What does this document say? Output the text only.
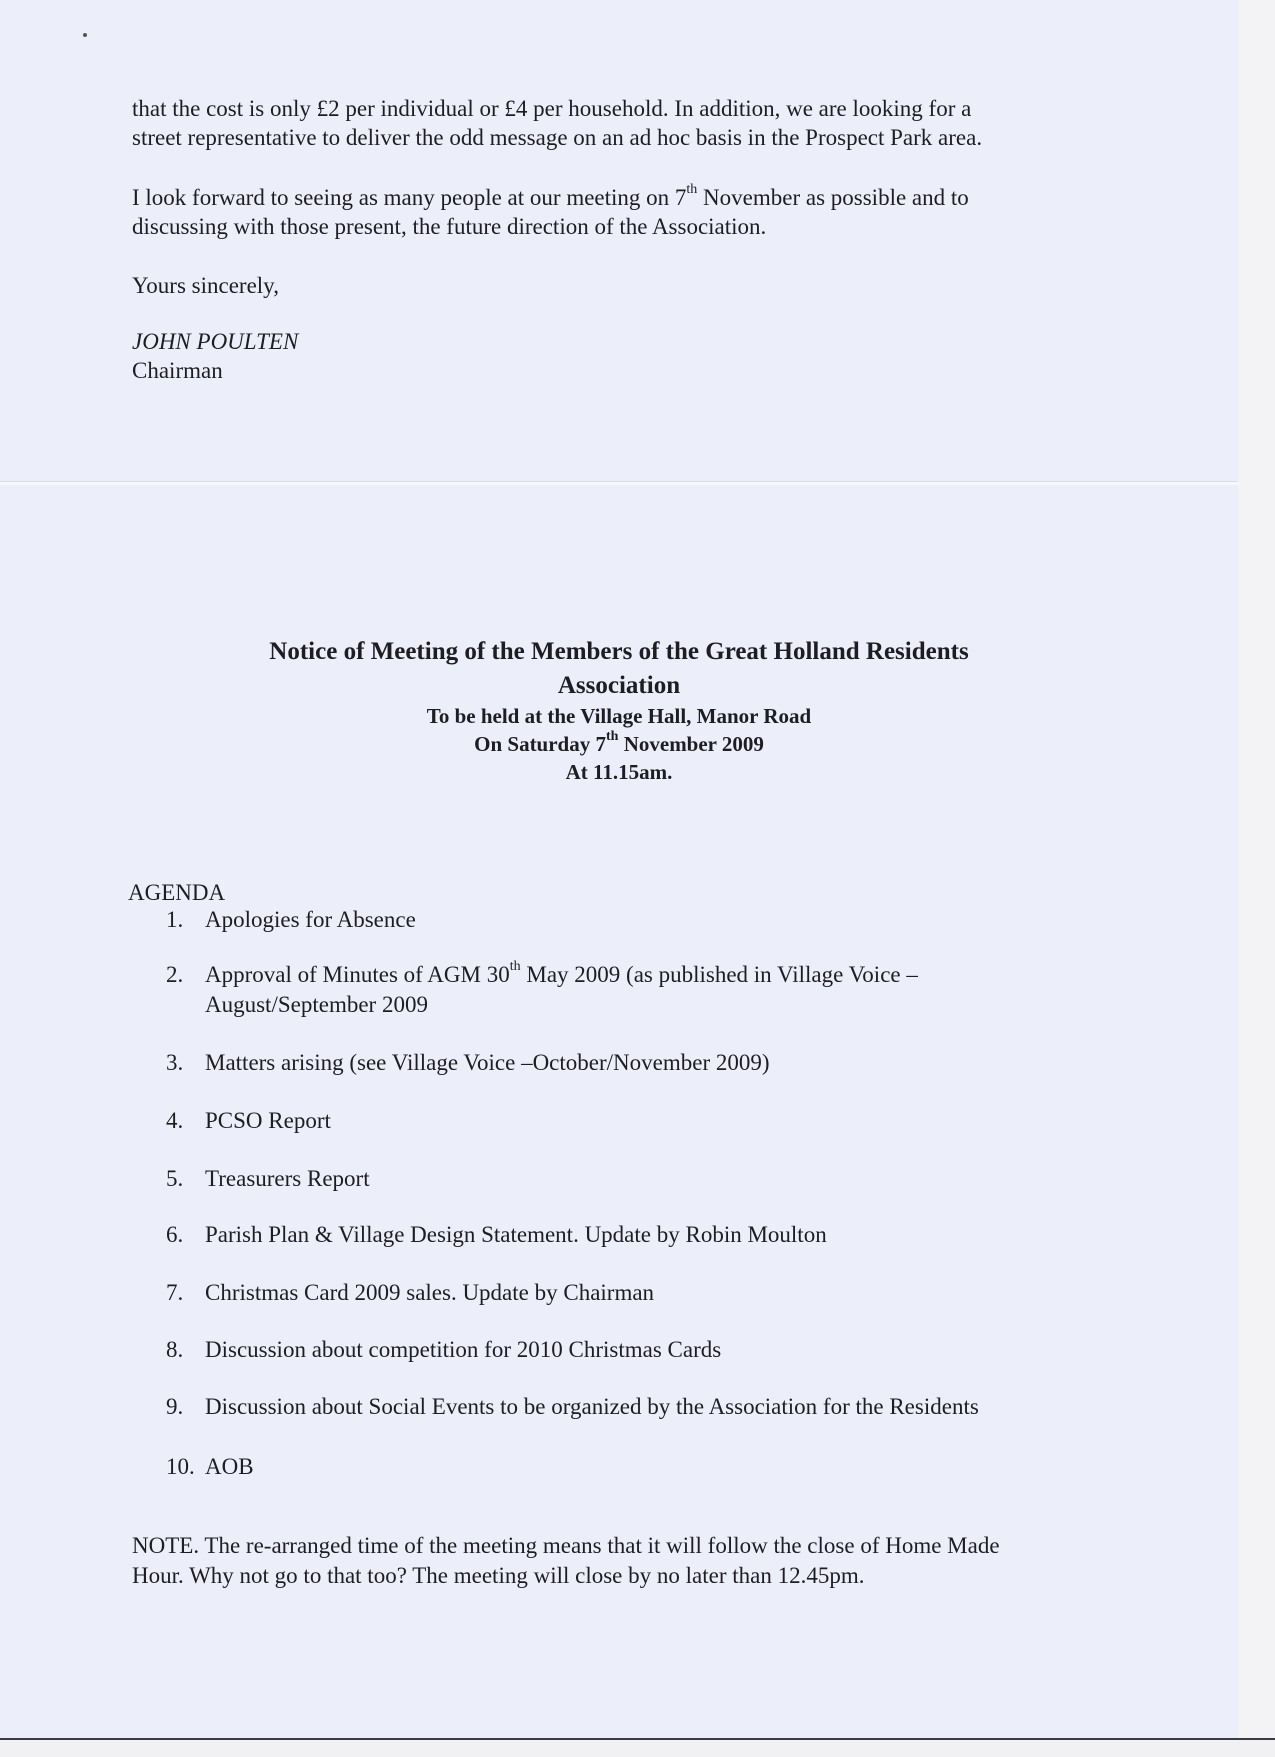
that the cost is only £2 per individual or £4 per household. In addition, we are looking for a
street representative to deliver the odd message on an ad hoc basis in the Prospect Park area.
I look forward to seeing as many people at our meeting on 7th November as possible and to
discussing with those present, the future direction of the Association.
Yours sincerely,
JOHN POULTEN
Chairman
Notice of Meeting of the Members of the Great Holland Residents
Association
To be held at the Village Hall, Manor Road
On Saturday 7th November 2009
At 11.15am.
AGENDA
1. Apologies for Absence
2. Approval of Minutes of AGM 30th May 2009 (as published in Village Voice –
August/September 2009
3. Matters arising (see Village Voice –October/November 2009)
4. PCSO Report
5. Treasurers Report
6. Parish Plan & Village Design Statement. Update by Robin Moulton
7. Christmas Card 2009 sales. Update by Chairman
8. Discussion about competition for 2010 Christmas Cards
9. Discussion about Social Events to be organized by the Association for the Residents
10. AOB
NOTE. The re-arranged time of the meeting means that it will follow the close of Home Made
Hour. Why not go to that too? The meeting will close by no later than 12.45pm.
